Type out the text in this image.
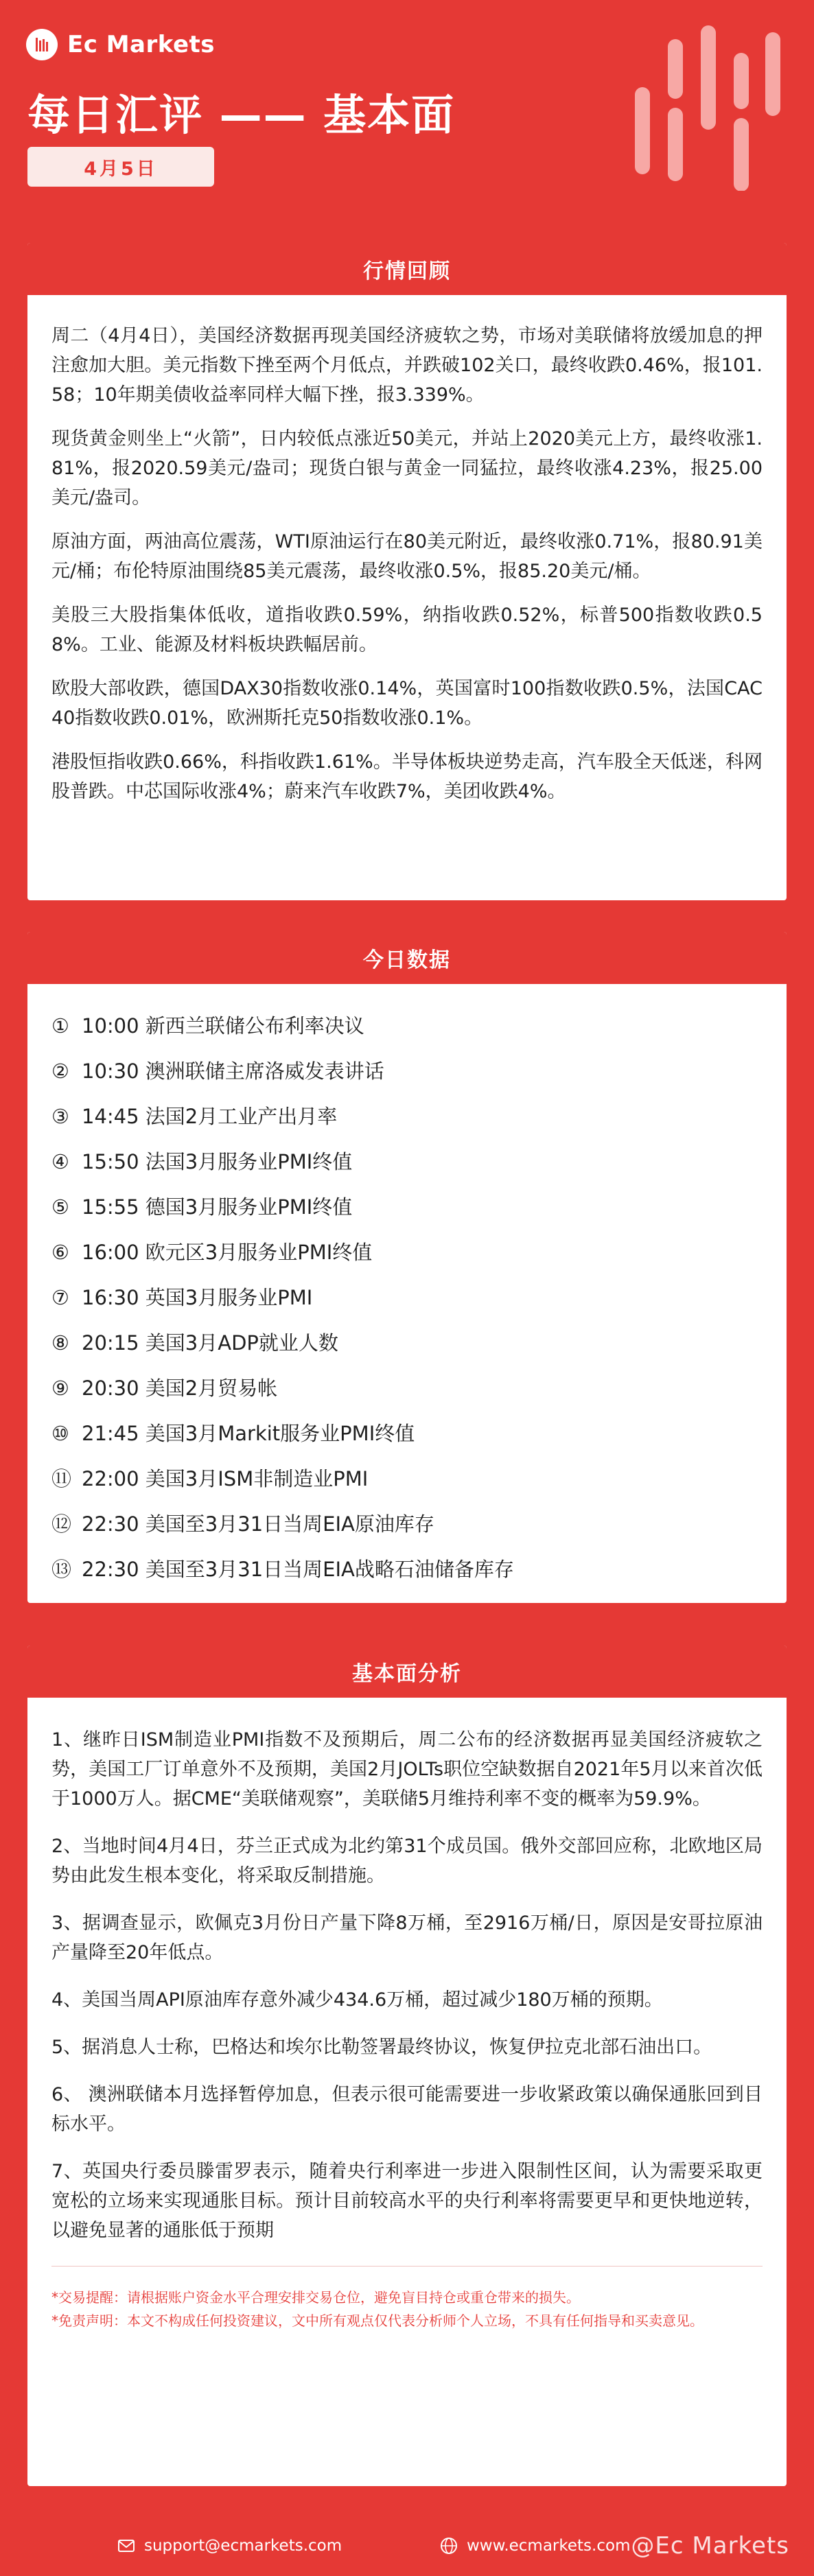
Ec Markets
每日汇评 —— 基本面
4月5日
行情回顾

周二（4月4日），美国经济数据再现美国经济疲软之势，市场对美联储将放缓加息的押注愈加大胆。美元指数下挫至两个月低点，并跌破102关口，最终收跌0.46%，报101.58；10年期美债收益率同样大幅下挫，报3.339%。

现货黄金则坐上“火箭”，日内较低点涨近50美元，并站上2020美元上方，最终收涨1.81%，报2020.59美元/盎司；现货白银与黄金一同猛拉，最终收涨4.23%，报25.00美元/盎司。

原油方面，两油高位震荡，WTI原油运行在80美元附近，最终收涨0.71%，报80.91美元/桶；布伦特原油围绕85美元震荡，最终收涨0.5%，报85.20美元/桶。

美股三大股指集体低收，道指收跌0.59%，纳指收跌0.52%，标普500指数收跌0.58%。工业、能源及材料板块跌幅居前。

欧股大部收跌，德国DAX30指数收涨0.14%，英国富时100指数收跌0.5%，法国CAC40指数收跌0.01%，欧洲斯托克50指数收涨0.1%。

港股恒指收跌0.66%，科指收跌1.61%。半导体板块逆势走高，汽车股全天低迷，科网股普跌。中芯国际收涨4%；蔚来汽车收跌7%，美团收跌4%。

今日数据
① 10:00 新西兰联储公布利率决议
② 10:30 澳洲联储主席洛威发表讲话
③ 14:45 法国2月工业产出月率
④ 15:50 法国3月服务业PMI终值
⑤ 15:55 德国3月服务业PMI终值
⑥ 16:00 欧元区3月服务业PMI终值
⑦ 16:30 英国3月服务业PMI
⑧ 20:15 美国3月ADP就业人数
⑨ 20:30 美国2月贸易帐
⑩ 21:45 美国3月Markit服务业PMI终值
⑪ 22:00 美国3月ISM非制造业PMI
⑫ 22:30 美国至3月31日当周EIA原油库存
⑬ 22:30 美国至3月31日当周EIA战略石油储备库存
基本面分析

1、继昨日ISM制造业PMI指数不及预期后，周二公布的经济数据再显美国经济疲软之势，美国工厂订单意外不及预期，美国2月JOLTs职位空缺数据自2021年5月以来首次低于1000万人。据CME“美联储观察”，美联储5月维持利率不变的概率为59.9%。

2、当地时间4月4日，芬兰正式成为北约第31个成员国。俄外交部回应称，北欧地区局势由此发生根本变化，将采取反制措施。

3、据调查显示，欧佩克3月份日产量下降8万桶，至2916万桶/日，原因是安哥拉原油产量降至20年低点。

4、美国当周API原油库存意外减少434.6万桶，超过减少180万桶的预期。

5、据消息人士称，巴格达和埃尔比勒签署最终协议，恢复伊拉克北部石油出口。

6、 澳洲联储本月选择暂停加息，但表示很可能需要进一步收紧政策以确保通胀回到目标水平。

7、英国央行委员滕雷罗表示，随着央行利率进一步进入限制性区间，认为需要采取更宽松的立场来实现通胀目标。预计目前较高水平的央行利率将需要更早和更快地逆转，以避免显著的通胀低于预期

*交易提醒：请根据账户资金水平合理安排交易仓位，避免盲目持仓或重仓带来的损失。

*免责声明：本文不构成任何投资建议，文中所有观点仅代表分析师个人立场，不具有任何指导和买卖意见。

support@ecmarkets.com	www.ecmarkets.com @Ec Markets
